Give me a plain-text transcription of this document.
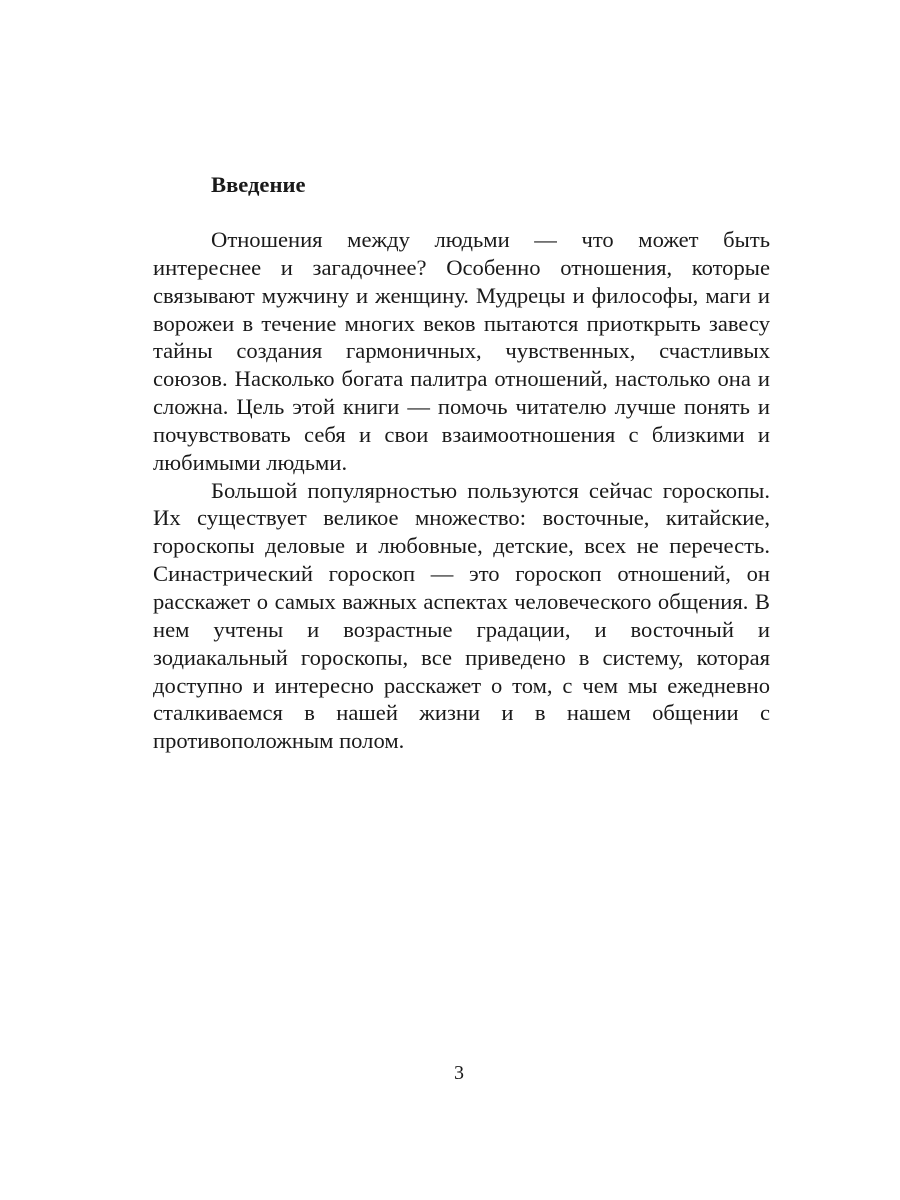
Введение

Отношения между людьми — что может быть интереснее и загадочнее? Особенно отношения, которые связывают мужчину и женщину. Мудрецы и философы, маги и ворожеи в течение многих веков пытаются приоткрыть завесу тайны создания гармоничных, чувственных, счастливых союзов. Насколько богата палитра отношений, настолько она и сложна. Цель этой книги — помочь читателю лучше понять и почувствовать себя и свои взаимоотношения с близкими и любимыми людьми.

Большой популярностью пользуются сейчас гороскопы. Их существует великое множество: восточные, китайские, гороскопы деловые и любовные, детские, всех не перечесть. Синастрический гороскоп — это гороскоп отношений, он расскажет о самых важных аспектах человеческого общения. В нем учтены и возрастные градации, и восточный и зодиакальный гороскопы, все приведено в систему, которая доступно и интересно расскажет о том, с чем мы ежедневно сталкиваемся в нашей жизни и в нашем общении с противоположным полом.

3
